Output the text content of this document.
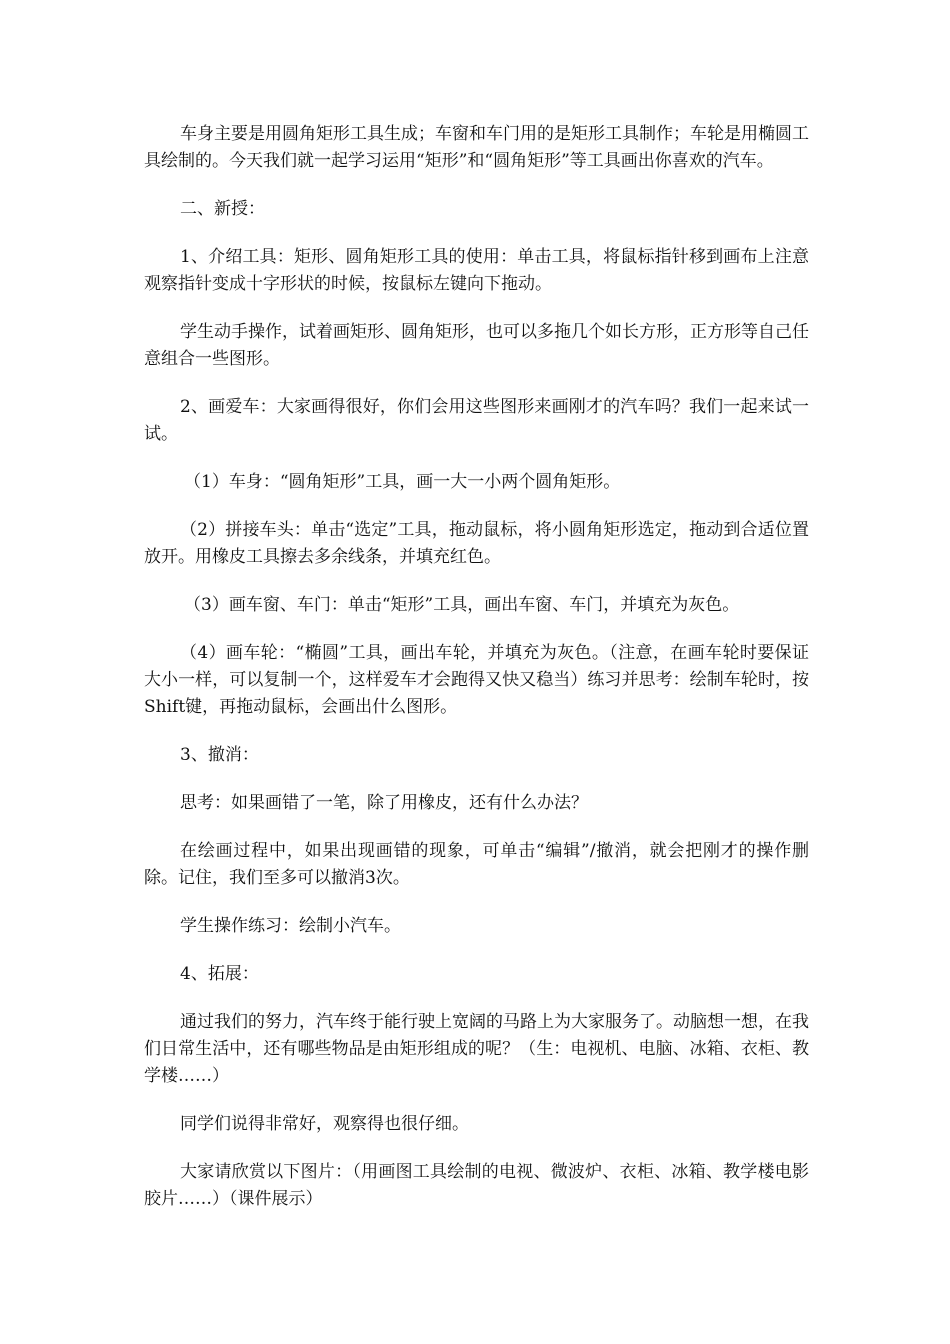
车身主要是用圆角矩形工具生成；车窗和车门用的是矩形工具制作；车轮是用椭圆工具绘制的。今天我们就一起学习运用“矩形”和“圆角矩形”等工具画出你喜欢的汽车。

二、新授：

1、介绍工具：矩形、圆角矩形工具的使用：单击工具，将鼠标指针移到画布上注意观察指针变成十字形状的时候，按鼠标左键向下拖动。

学生动手操作，试着画矩形、圆角矩形，也可以多拖几个如长方形，正方形等自己任意组合一些图形。

2、画爱车：大家画得很好，你们会用这些图形来画刚才的汽车吗？我们一起来试一试。

（1）车身：“圆角矩形”工具，画一大一小两个圆角矩形。

（2）拼接车头：单击“选定”工具，拖动鼠标，将小圆角矩形选定，拖动到合适位置放开。用橡皮工具擦去多余线条，并填充红色。

（3）画车窗、车门：单击“矩形”工具，画出车窗、车门，并填充为灰色。

（4）画车轮：“椭圆”工具，画出车轮，并填充为灰色。（注意，在画车轮时要保证大小一样，可以复制一个，这样爱车才会跑得又快又稳当）练习并思考：绘制车轮时，按Shift键，再拖动鼠标，会画出什么图形。

3、撤消：

思考：如果画错了一笔，除了用橡皮，还有什么办法？

在绘画过程中，如果出现画错的现象，可单击“编辑”/撤消，就会把刚才的操作删除。记住，我们至多可以撤消3次。

学生操作练习：绘制小汽车。

4、拓展：

通过我们的努力，汽车终于能行驶上宽阔的马路上为大家服务了。动脑想一想，在我们日常生活中，还有哪些物品是由矩形组成的呢？（生：电视机、电脑、冰箱、衣柜、教学楼……）

同学们说得非常好，观察得也很仔细。

大家请欣赏以下图片：（用画图工具绘制的电视、微波炉、衣柜、冰箱、教学楼电影胶片……）（课件展示）
